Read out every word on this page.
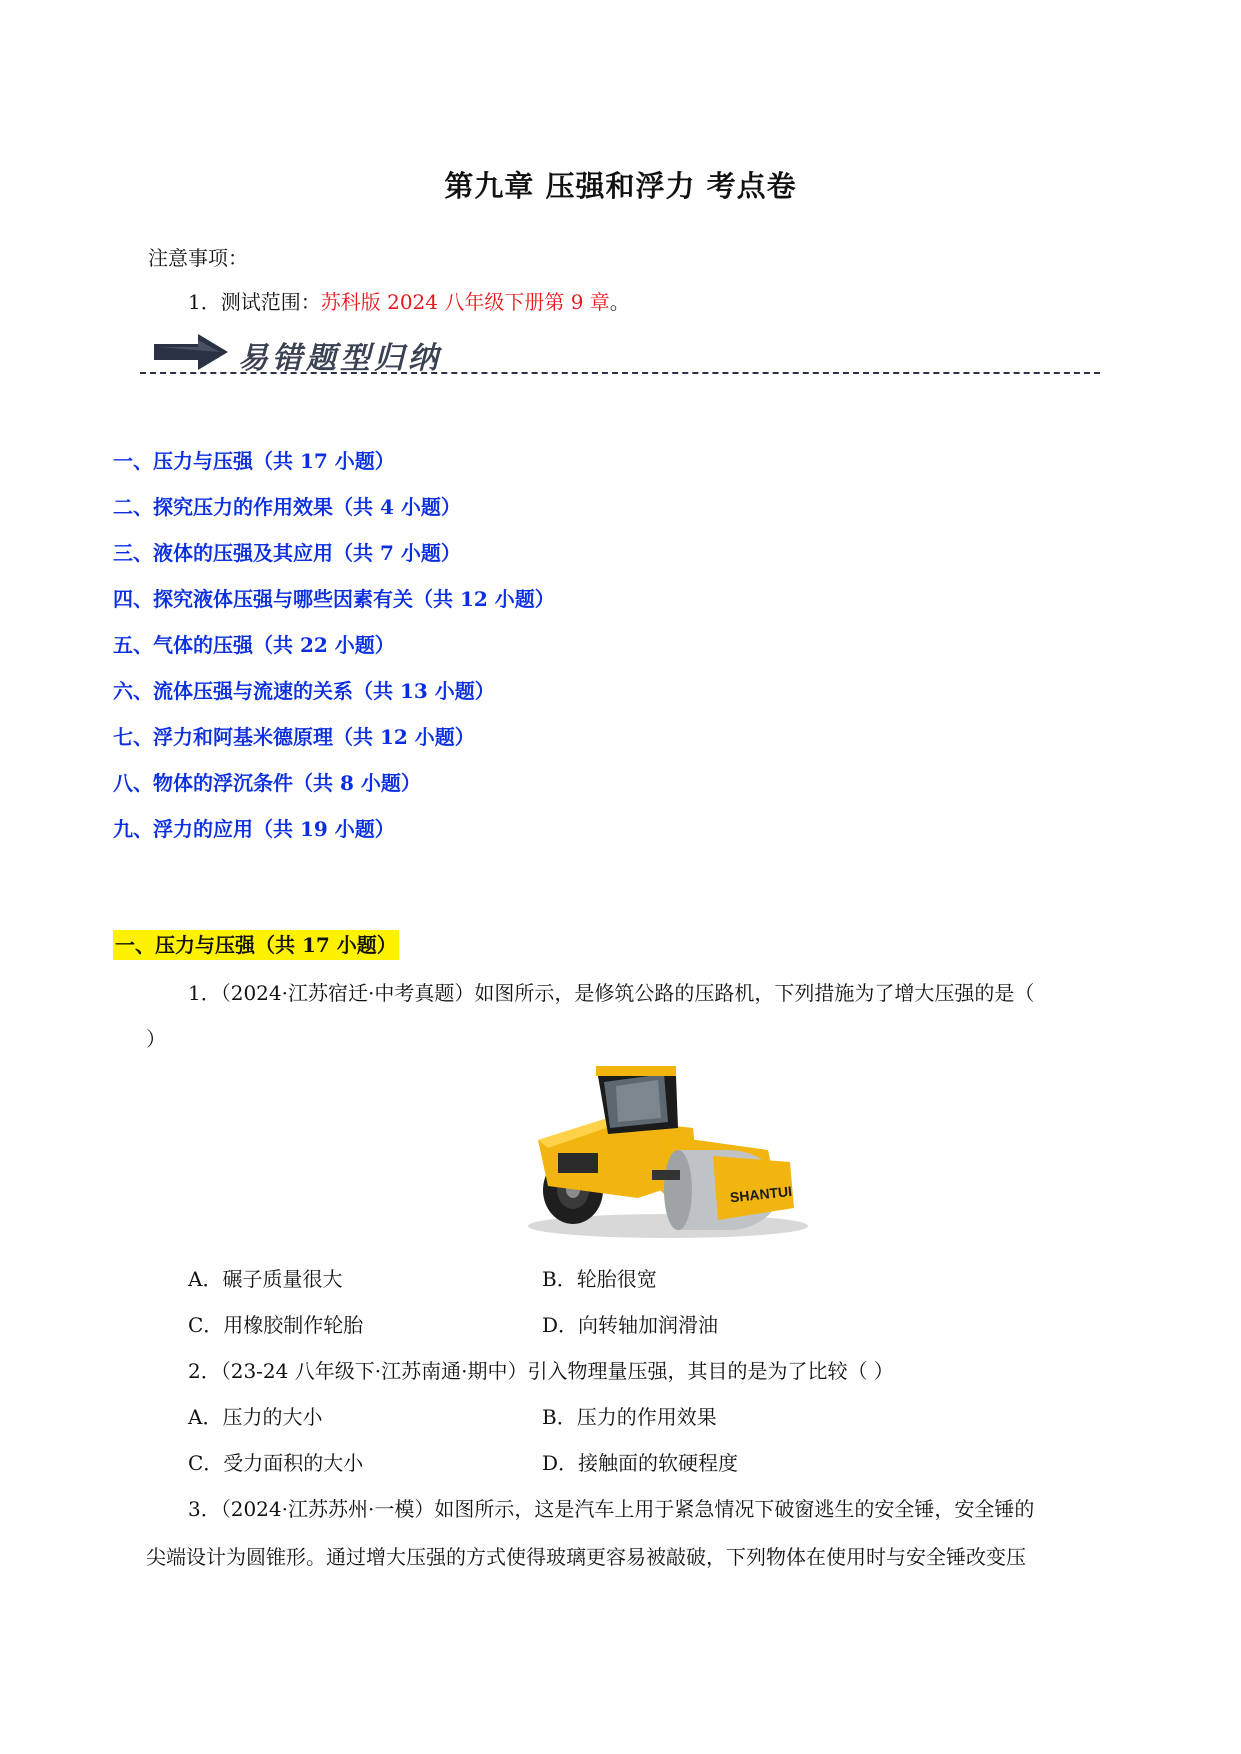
第九章 压强和浮力 考点卷
注意事项：
1．测试范围：苏科版 2024 八年级下册第 9 章。
易错题型归纳
一、压力与压强（共 17 小题）
二、探究压力的作用效果（共 4 小题）
三、液体的压强及其应用（共 7 小题）
四、探究液体压强与哪些因素有关（共 12 小题）
五、气体的压强（共 22 小题）
六、流体压强与流速的关系（共 13 小题）
七、浮力和阿基米德原理（共 12 小题）
八、物体的浮沉条件（共 8 小题）
九、浮力的应用（共 19 小题）
一、压力与压强（共 17 小题）
1．（2024·江苏宿迁·中考真题）如图所示，是修筑公路的压路机，下列措施为了增大压强的是（
）
SHANTUI
A．碾子质量很大	B．轮胎很宽
C．用橡胶制作轮胎	D．向转轴加润滑油
2．（23-24 八年级下·江苏南通·期中）引入物理量压强，其目的是为了比较（ ）
A．压力的大小	B．压力的作用效果
C．受力面积的大小	D．接触面的软硬程度
3．（2024·江苏苏州·一模）如图所示，这是汽车上用于紧急情况下破窗逃生的安全锤，安全锤的
尖端设计为圆锥形。通过增大压强的方式使得玻璃更容易被敲破，下列物体在使用时与安全锤改变压
